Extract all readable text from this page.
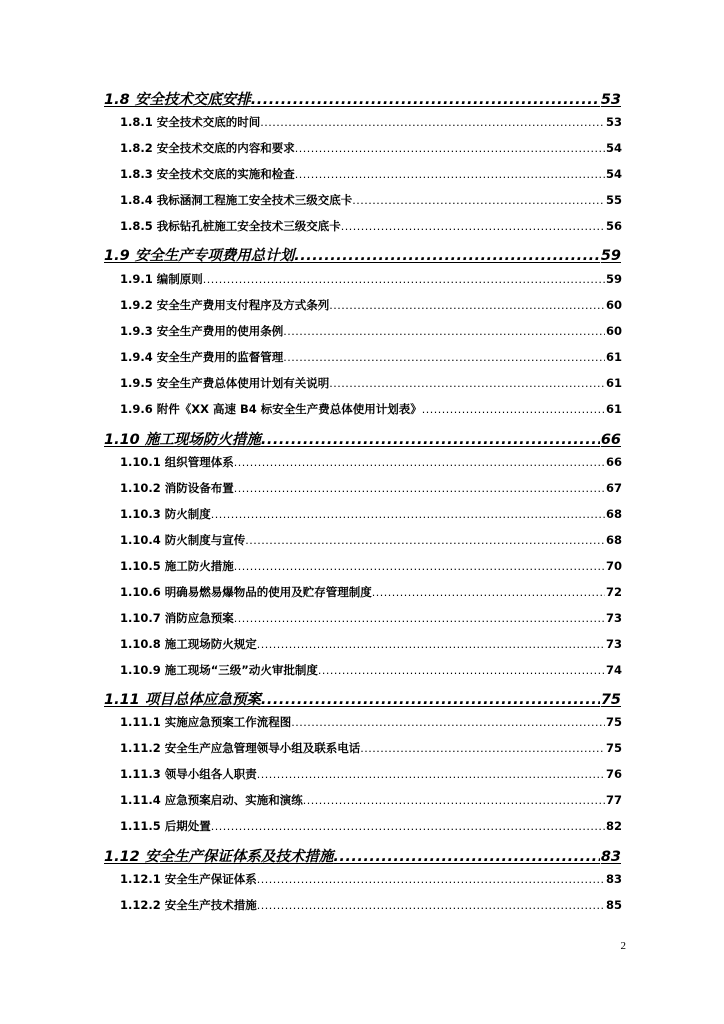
1.8 安全技术交底安排 .....	53
1.8.1 安全技术交底的时间 .....	53
1.8.2 安全技术交底的内容和要求 .....	54
1.8.3 安全技术交底的实施和检查 .....	54
1.8.4 我标涵洞工程施工安全技术三级交底卡 .....	55
1.8.5 我标钻孔桩施工安全技术三级交底卡 .....	56
1.9 安全生产专项费用总计划 .....	59
1.9.1 编制原则 .....	59
1.9.2 安全生产费用支付程序及方式条列 .....	60
1.9.3 安全生产费用的使用条例 .....	60
1.9.4 安全生产费用的监督管理 .....	61
1.9.5 安全生产费总体使用计划有关说明 .....	61
1.9.6 附件《XX 高速 B4 标安全生产费总体使用计划表》 .....	61
1.10 施工现场防火措施 .....	66
1.10.1 组织管理体系 .....	66
1.10.2 消防设备布置 .....	67
1.10.3 防火制度 .....	68
1.10.4 防火制度与宣传 .....	68
1.10.5 施工防火措施 .....	70
1.10.6 明确易燃易爆物品的使用及贮存管理制度 .....	72
1.10.7 消防应急预案 .....	73
1.10.8 施工现场防火规定 .....	73
1.10.9 施工现场“三级”动火审批制度 .....	74
1.11 项目总体应急预案 .....	75
1.11.1 实施应急预案工作流程图 .....	75
1.11.2 安全生产应急管理领导小组及联系电话 .....	75
1.11.3 领导小组各人职责 .....	76
1.11.4 应急预案启动、实施和演练 .....	77
1.11.5 后期处置 .....	82
1.12 安全生产保证体系及技术措施 .....	83
1.12.1 安全生产保证体系 .....	83
1.12.2 安全生产技术措施 .....	85
2
